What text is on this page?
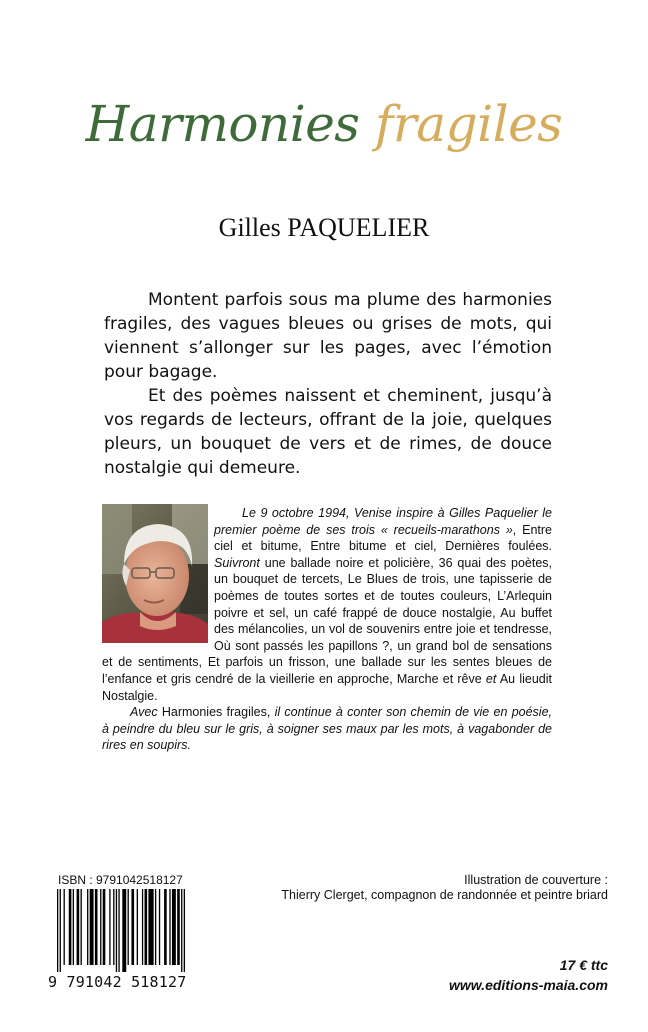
Harmonies fragiles
Gilles PAQUELIER

Montent parfois sous ma plume des harmonies fragiles, des vagues bleues ou grises de mots, qui viennent s’allonger sur les pages, avec l’émotion pour bagage.

Et des poèmes naissent et cheminent, jusqu’à vos regards de lecteurs, offrant de la joie, quelques pleurs, un bouquet de vers et de rimes, de douce nostalgie qui demeure.

Le 9 octobre 1994, Venise inspire à Gilles Paquelier le premier poème de ses trois « recueils-marathons », Entre ciel et bitume, Entre bitume et ciel, Dernières foulées. Suivront une ballade noire et policière, 36 quai des poètes, un bouquet de tercets, Le Blues de trois, une tapisserie de poèmes de toutes sortes et de toutes couleurs, L’Arlequin poivre et sel, un café frappé de douce nostalgie, Au buffet des mélancolies, un vol de souvenirs entre joie et tendresse, Où sont passés les papillons ?, un grand bol de sensations et de sentiments, Et parfois un frisson, une ballade sur les sentes bleues de l’enfance et gris cendré de la vieillerie en approche, Marche et rêve et Au lieudit Nostalgie.

Avec Harmonies fragiles, il continue à conter son chemin de vie en poésie, à peindre du bleu sur le gris, à soigner ses maux par les mots, à vagabonder de rires en soupirs.

ISBN : 9791042518127
9 791042 518127
Illustration de couverture :
Thierry Clerget, compagnon de randonnée et peintre briard
17 € ttc
www.editions-maia.com
